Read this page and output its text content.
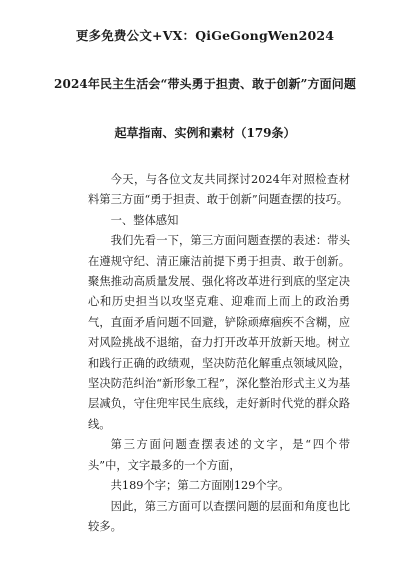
更多免费公文+VX：QiGeGongWen2024
2024年民主生活会“带头勇于担责、敢于创新”方面问题
起草指南、实例和素材（179条）

今天，与各位文友共同探讨2024年对照检查材料第三方面“勇于担责、敢于创新”问题查摆的技巧。

一、整体感知

我们先看一下，第三方面问题查摆的表述：带头在遵规守纪、清正廉洁前提下勇于担责、敢于创新。聚焦推动高质量发展、强化将改革进行到底的坚定决心和历史担当以攻坚克难、迎难而上而上的政治勇气，直面矛盾问题不回避，铲除顽瘴痼疾不含糊，应对风险挑战不退缩，奋力打开改革开放新天地。树立和践行正确的政绩观，坚决防范化解重点领域风险，坚决防范纠治“新形象工程”，深化整治形式主义为基层减负，守住兜牢民生底线，走好新时代党的群众路线。

第三方面问题查摆表述的文字，是“四个带头”中，文字最多的一个方面，

共189个字；第二方面刚129个字。

因此，第三方面可以查摆问题的层面和角度也比较多。
